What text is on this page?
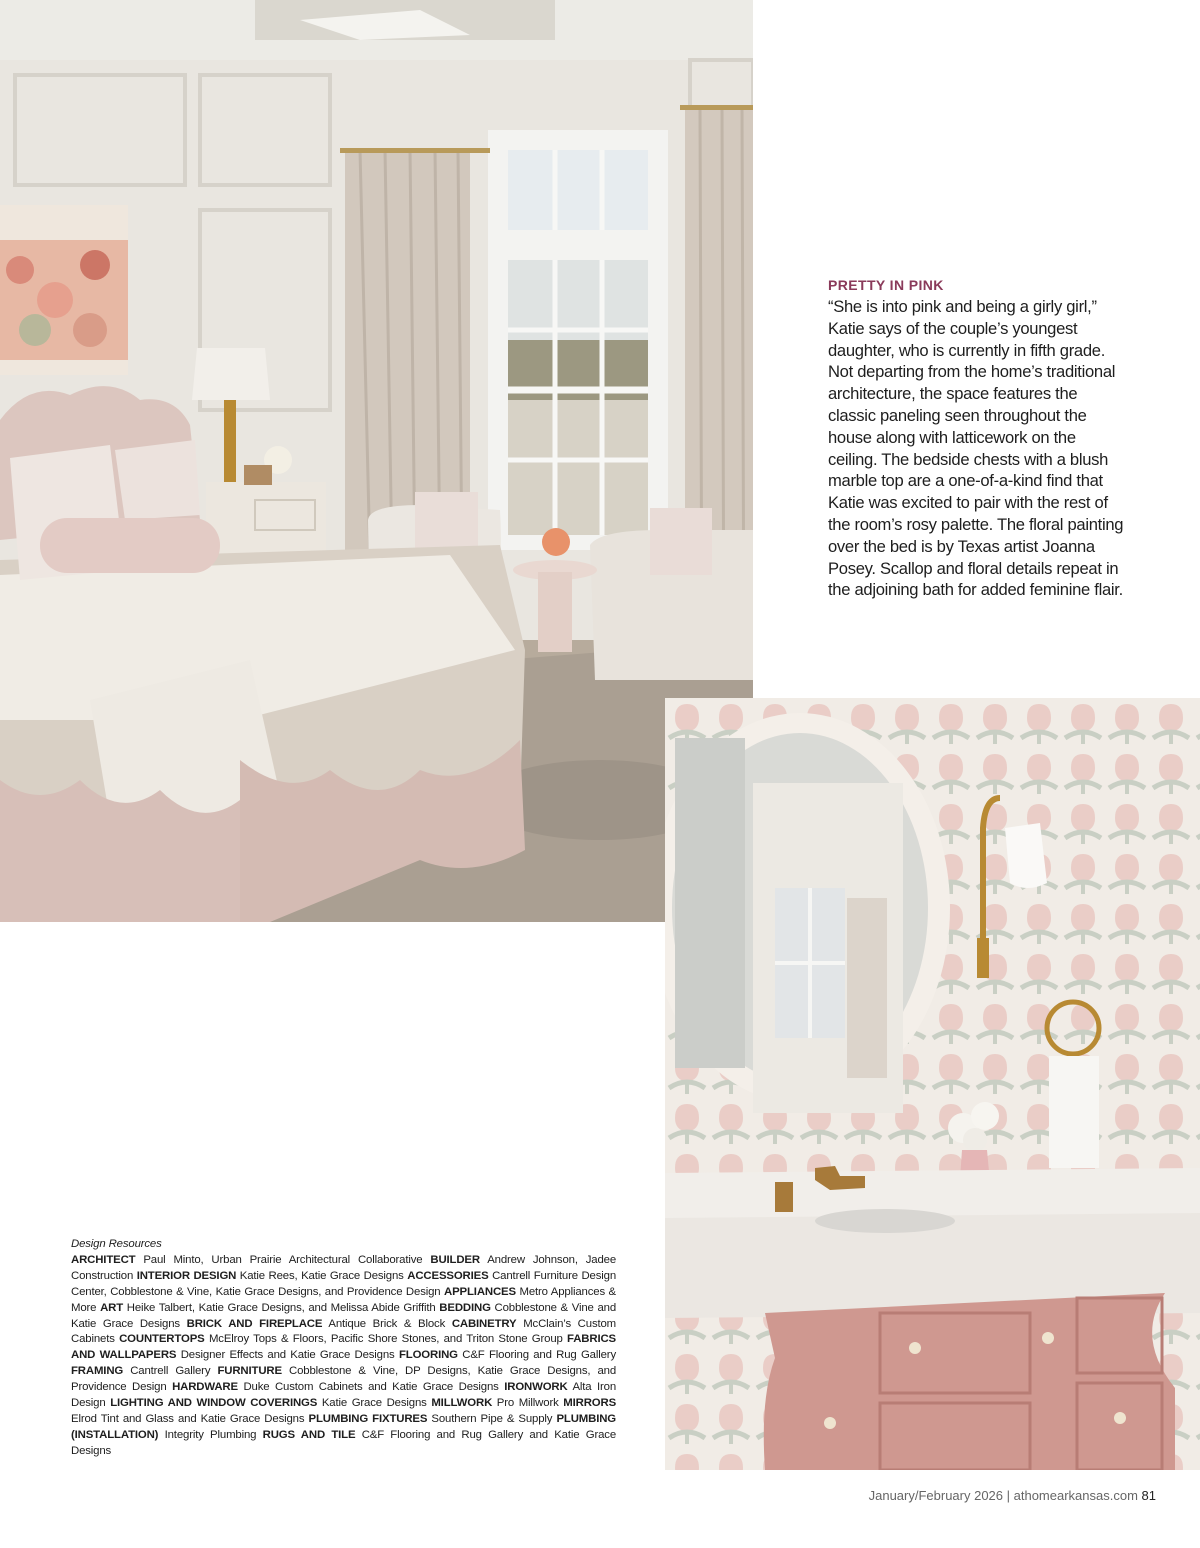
PRETTY IN PINK
“She is into pink and being a girly girl,” Katie says of the couple’s youngest daughter, who is currently in fifth grade. Not departing from the home’s traditional architecture, the space features the classic paneling seen throughout the house along with latticework on the ceiling. The bedside chests with a blush marble top are a one-of-a-kind find that Katie was excited to pair with the rest of the room’s rosy palette. The floral painting over the bed is by Texas artist Joanna Posey. Scallop and floral details repeat in the adjoining bath for added feminine flair.
Design Resources
ARCHITECT Paul Minto, Urban Prairie Architectural Collaborative BUILDER Andrew Johnson, Jadee Construction INTERIOR DESIGN Katie Rees, Katie Grace Designs ACCESSORIES Cantrell Furniture Design Center, Cobblestone & Vine, Katie Grace Designs, and Providence Design APPLIANCES Metro Appliances & More ART Heike Talbert, Katie Grace Designs, and Melissa Abide Griffith BEDDING Cobblestone & Vine and Katie Grace Designs BRICK AND FIREPLACE Antique Brick & Block CABINETRY McClain’s Custom Cabinets COUNTERTOPS McElroy Tops & Floors, Pacific Shore Stones, and Triton Stone Group FABRICS AND WALLPAPERS Designer Effects and Katie Grace Designs FLOORING C&F Flooring and Rug Gallery FRAMING Cantrell Gallery FURNITURE Cobblestone & Vine, DP Designs, Katie Grace Designs, and Providence Design HARDWARE Duke Custom Cabinets and Katie Grace Designs IRONWORK Alta Iron Design LIGHTING AND WINDOW COVERINGS Katie Grace Designs MILLWORK Pro Millwork MIRRORS Elrod Tint and Glass and Katie Grace Designs PLUMBING FIXTURES Southern Pipe & Supply PLUMBING (INSTALLATION) Integrity Plumbing RUGS AND TILE C&F Flooring and Rug Gallery and Katie Grace Designs
January/February 2026 | athomearkansas.com 81
